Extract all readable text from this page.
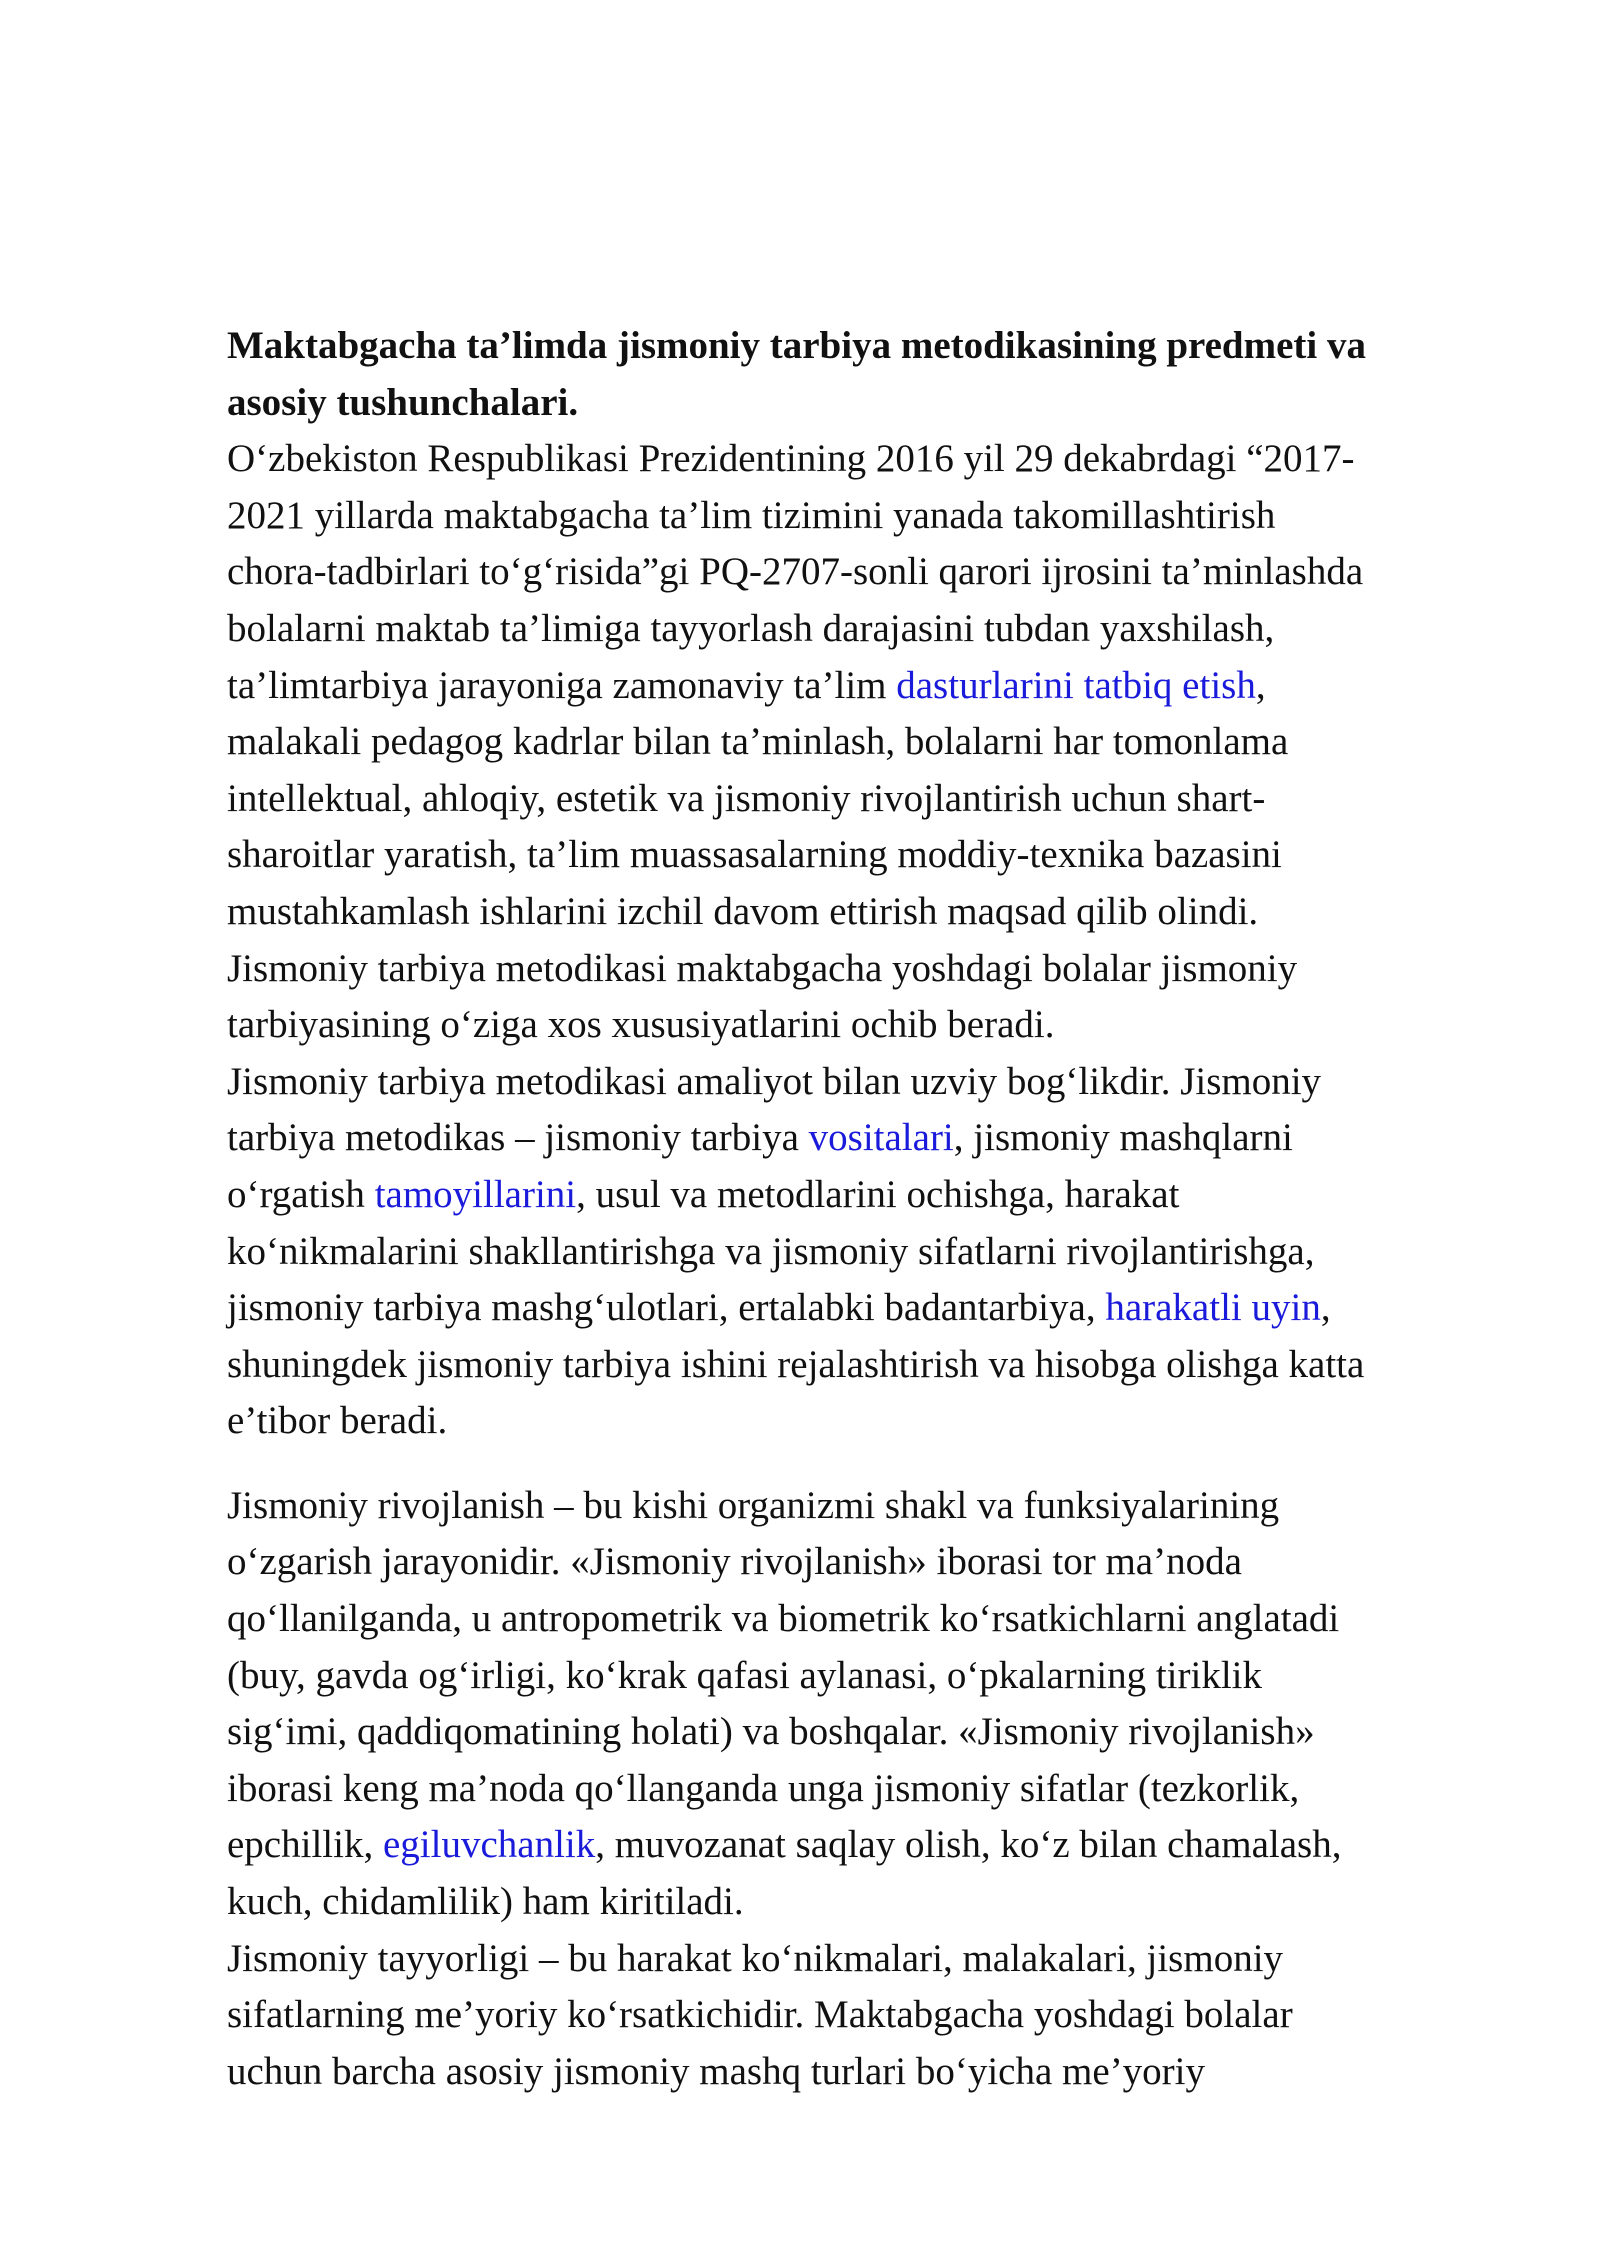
Maktabgacha ta’limda jismoniy tarbiya metodikasining predmeti va
asosiy tushunchalari.
O‘zbekiston Respublikasi Prezidentining 2016 yil 29 dekabrdagi “2017-
2021 yillarda maktabgacha ta’lim tizimini yanada takomillashtirish
chora-tadbirlari to‘g‘risida”gi PQ-2707-sonli qarori ijrosini ta’minlashda
bolalarni maktab ta’limiga tayyorlash darajasini tubdan yaxshilash,
ta’limtarbiya jarayoniga zamonaviy ta’lim dasturlarini tatbiq etish,
malakali pedagog kadrlar bilan ta’minlash, bolalarni har tomonlama
intellektual, ahloqiy, estetik va jismoniy rivojlantirish uchun shart-
sharoitlar yaratish, ta’lim muassasalarning moddiy-texnika bazasini
mustahkamlash ishlarini izchil davom ettirish maqsad qilib olindi.
Jismoniy tarbiya metodikasi maktabgacha yoshdagi bolalar jismoniy
tarbiyasining o‘ziga xos xususiyatlarini ochib beradi.
Jismoniy tarbiya metodikasi amaliyot bilan uzviy bog‘likdir. Jismoniy
tarbiya metodikas – jismoniy tarbiya vositalari, jismoniy mashqlarni
o‘rgatish tamoyillarini, usul va metodlarini ochishga, harakat
ko‘nikmalarini shakllantirishga va jismoniy sifatlarni rivojlantirishga,
jismoniy tarbiya mashg‘ulotlari, ertalabki badantarbiya, harakatli uyin,
shuningdek jismoniy tarbiya ishini rejalashtirish va hisobga olishga katta
e’tibor beradi.
Jismoniy rivojlanish – bu kishi organizmi shakl va funksiyalarining
o‘zgarish jarayonidir. «Jismoniy rivojlanish» iborasi tor ma’noda
qo‘llanilganda, u antropometrik va biometrik ko‘rsatkichlarni anglatadi
(buy, gavda og‘irligi, ko‘krak qafasi aylanasi, o‘pkalarning tiriklik
sig‘imi, qaddiqomatining holati) va boshqalar. «Jismoniy rivojlanish»
iborasi keng ma’noda qo‘llanganda unga jismoniy sifatlar (tezkorlik,
epchillik, egiluvchanlik, muvozanat saqlay olish, ko‘z bilan chamalash,
kuch, chidamlilik) ham kiritiladi.
Jismoniy tayyorligi – bu harakat ko‘nikmalari, malakalari, jismoniy
sifatlarning me’yoriy ko‘rsatkichidir. Maktabgacha yoshdagi bolalar
uchun barcha asosiy jismoniy mashq turlari bo‘yicha me’yoriy
